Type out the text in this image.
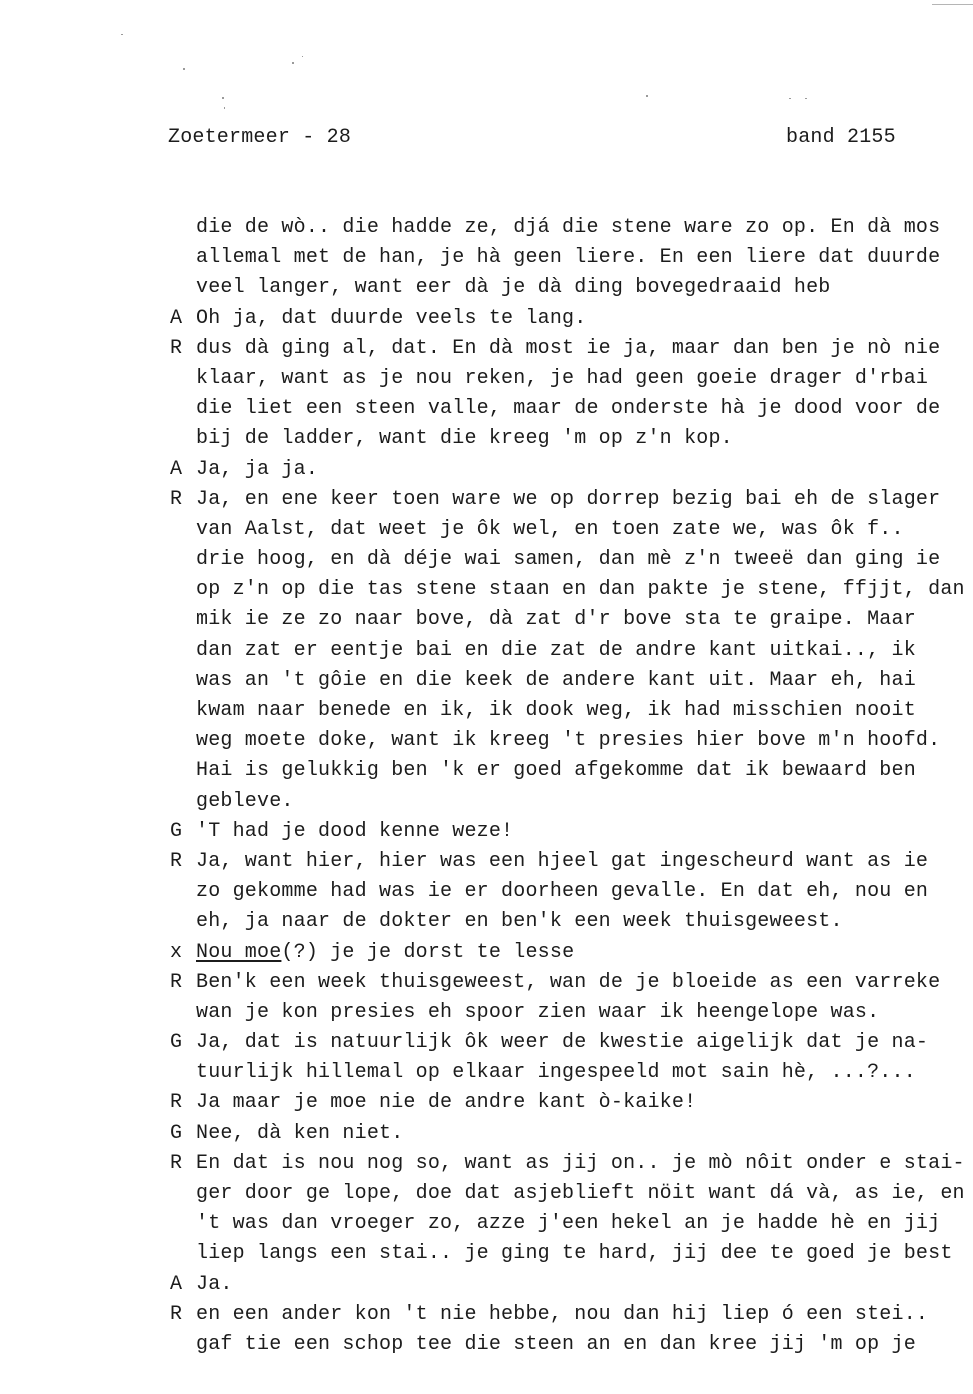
Zoetermeer - 28	band 2155
die de wò.. die hadde ze, djá die stene ware zo op. En dà mos
allemal met de han, je hà geen liere. En een liere dat duurde
veel langer, want eer dà je dà ding bovegedraaid heb
A Oh ja, dat duurde veels te lang.
R dus dà ging al, dat. En dà most ie ja, maar dan ben je nò nie
klaar, want as je nou reken, je had geen goeie drager d'rbai
die liet een steen valle, maar de onderste hà je dood voor de
bij de ladder, want die kreeg 'm op z'n kop.
A Ja, ja ja.
R Ja, en ene keer toen ware we op dorrep bezig bai eh de slager
van Aalst, dat weet je ôk wel, en toen zate we, was ôk f..
drie hoog, en dà déje wai samen, dan mè z'n tweeë dan ging ie
op z'n op die tas stene staan en dan pakte je stene, ffjjt, dan
mik ie ze zo naar bove, dà zat d'r bove sta te graipe. Maar
dan zat er eentje bai en die zat de andre kant uitkai.., ik
was an 't gôie en die keek de andere kant uit. Maar eh, hai
kwam naar benede en ik, ik dook weg, ik had misschien nooit
weg moete doke, want ik kreeg 't presies hier bove m'n hoofd.
Hai is gelukkig ben 'k er goed afgekomme dat ik bewaard ben
gebleve.
G 'T had je dood kenne weze!
R Ja, want hier, hier was een hjeel gat ingescheurd want as ie
zo gekomme had was ie er doorheen gevalle. En dat eh, nou en
eh, ja naar de dokter en ben'k een week thuisgeweest.
x Nou moe(?) je je dorst te lesse
R Ben'k een week thuisgeweest, wan de je bloeide as een varreke
wan je kon presies eh spoor zien waar ik heengelope was.
G Ja, dat is natuurlijk ôk weer de kwestie aigelijk dat je na-
tuurlijk hillemal op elkaar ingespeeld mot sain hè, ...?...
R Ja maar je moe nie de andre kant ò-kaike!
G Nee, dà ken niet.
R En dat is nou nog so, want as jij on.. je mò nôit onder e stai-
ger door ge lope, doe dat asjeblieft nöit want dá và, as ie, en
't was dan vroeger zo, azze j'een hekel an je hadde hè en jij
liep langs een stai.. je ging te hard, jij dee te goed je best
A Ja.
R en een ander kon 't nie hebbe, nou dan hij liep ó een stei..
gaf tie een schop tee die steen an en dan kree jij 'm op je
